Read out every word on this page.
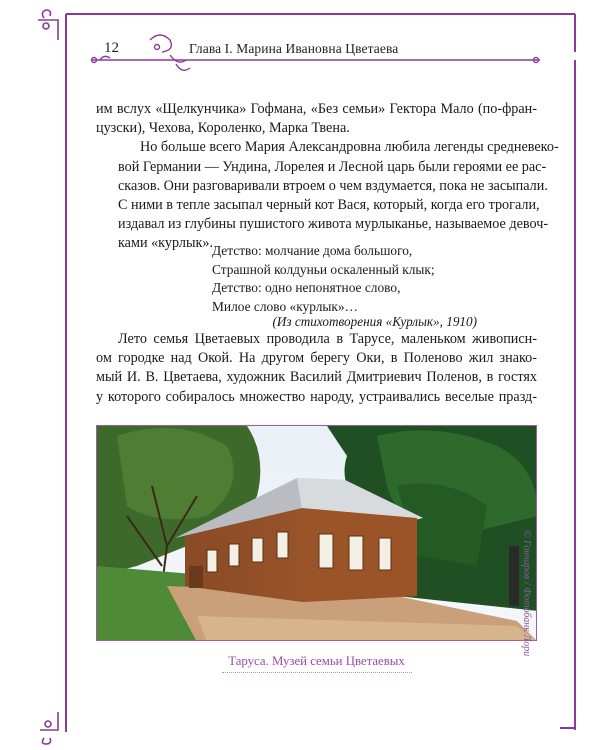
12	Глава I. Марина Ивановна Цветаева

им вслух «Щелкунчика» Гофмана, «Без семьи» Гектора Мало (по-фран-
цузски), Чехова, Короленко, Марка Твена.

Но больше всего Мария Александровна любила легенды средневеко-
вой Германии — Ундина, Лорелея и Лесной царь были героями ее рас-
сказов. Они разговаривали втроем о чем вздумается, пока не засыпали.
С ними в тепле засыпал черный кот Вася, который, когда его трогали,
издавал из глубины пушистого живота мурлыканье, называемое девоч-
ками «курлык».

Детство: молчание дома большого,
Страшной колдуньи оскаленный клык;
Детство: одно непонятное слово,
Милое слово «курлык»…
(Из стихотворения «Курлык», 1910)

Лето семья Цветаевых проводила в Тарусе, маленьком живописн-
ом городке над Окой. На другом берегу Оки, в Поленово жил знако-
мый И. В. Цветаева, художник Василий Дмитриевич Поленов, в гостях
у которого собиралось множество народу, устраивались веселые празд-

© Гончаров / Фотобанк Лори
Таруса. Музей семьи Цветаевых
